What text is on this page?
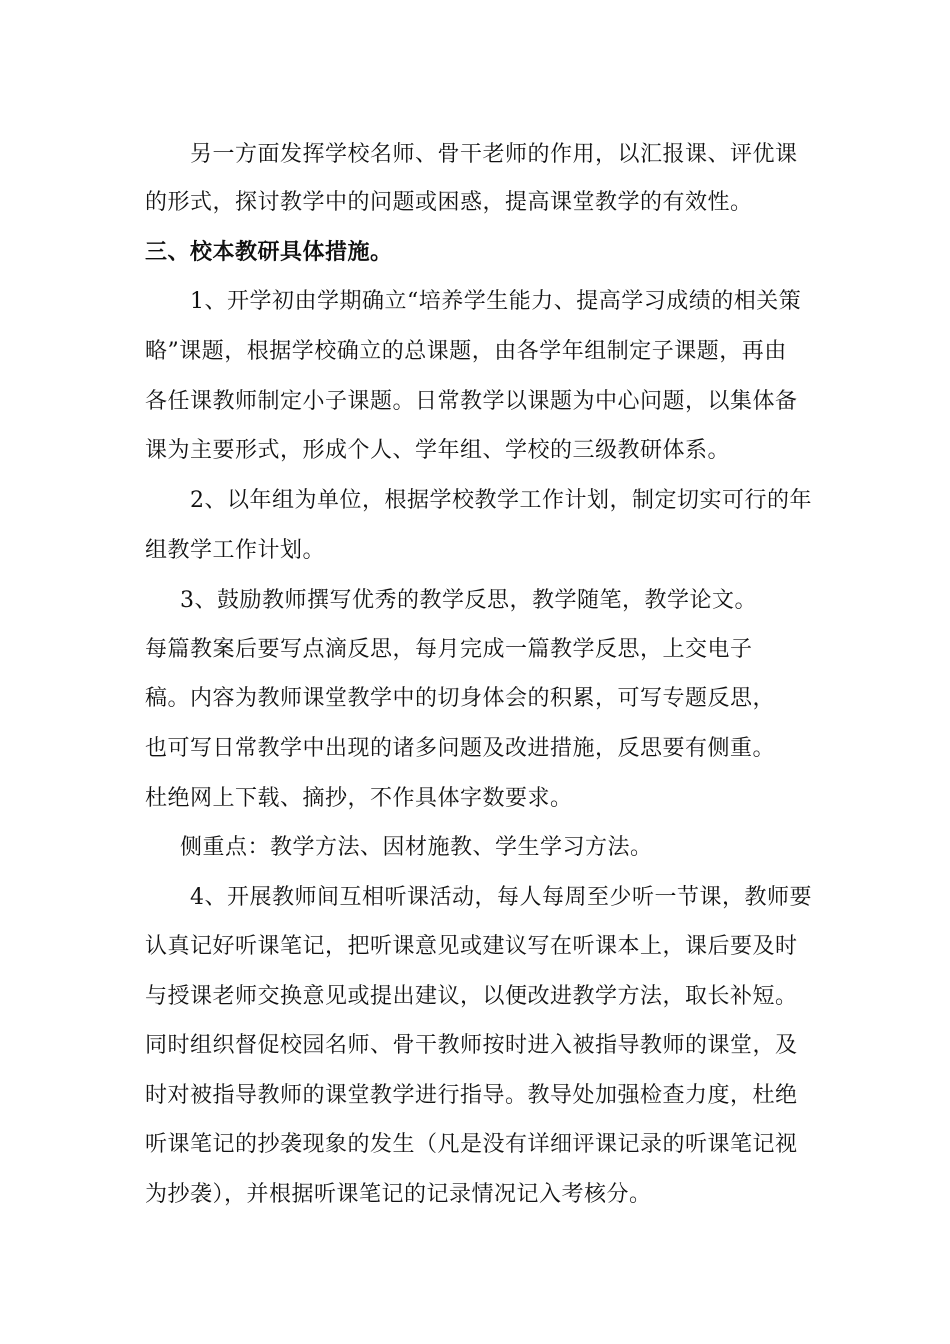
另一方面发挥学校名师、骨干老师的作用，以汇报课、评优课
的形式，探讨教学中的问题或困惑，提高课堂教学的有效性。
三、校本教研具体措施。
1、开学初由学期确立“培养学生能力、提高学习成绩的相关策
略”课题，根据学校确立的总课题，由各学年组制定子课题，再由
各任课教师制定小子课题。日常教学以课题为中心问题，以集体备
课为主要形式，形成个人、学年组、学校的三级教研体系。
2、以年组为单位，根据学校教学工作计划，制定切实可行的年
组教学工作计划。
3、鼓励教师撰写优秀的教学反思，教学随笔，教学论文。
每篇教案后要写点滴反思，每月完成一篇教学反思，上交电子
稿。内容为教师课堂教学中的切身体会的积累，可写专题反思，
也可写日常教学中出现的诸多问题及改进措施，反思要有侧重。
杜绝网上下载、摘抄，不作具体字数要求。
侧重点：教学方法、因材施教、学生学习方法。
4、开展教师间互相听课活动，每人每周至少听一节课，教师要
认真记好听课笔记，把听课意见或建议写在听课本上，课后要及时
与授课老师交换意见或提出建议，以便改进教学方法，取长补短。
同时组织督促校园名师、骨干教师按时进入被指导教师的课堂，及
时对被指导教师的课堂教学进行指导。教导处加强检查力度，杜绝
听课笔记的抄袭现象的发生（凡是没有详细评课记录的听课笔记视
为抄袭），并根据听课笔记的记录情况记入考核分。
